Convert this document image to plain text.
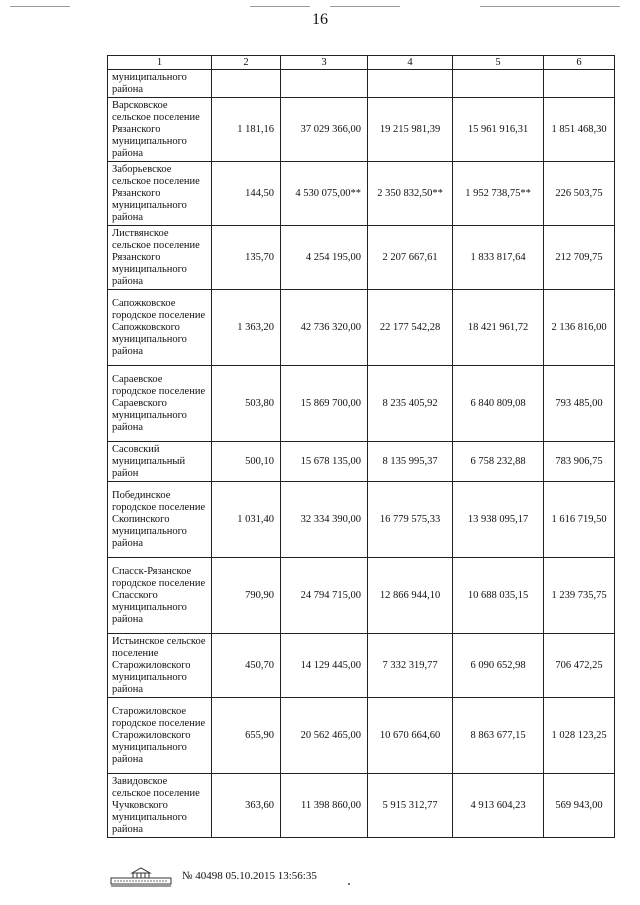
16
1	2	3	4	5	6
муниципального района					
Варсковское сельское поселение Рязанского муниципального района	1 181,16	37 029 366,00	19 215 981,39	15 961 916,31	1 851 468,30
Заборьевское сельское поселение Рязанского муниципального района	144,50	4 530 075,00**	2 350 832,50**	1 952 738,75**	226 503,75
Листвянское сельское поселение Рязанского муниципального района	135,70	4 254 195,00	2 207 667,61	1 833 817,64	212 709,75
Сапожковское городское поселение Сапожковского муниципального района	1 363,20	42 736 320,00	22 177 542,28	18 421 961,72	2 136 816,00
Сараевское городское поселение Сараевского муниципального района	503,80	15 869 700,00	8 235 405,92	6 840 809,08	793 485,00
Сасовский муниципальный район	500,10	15 678 135,00	8 135 995,37	6 758 232,88	783 906,75
Побединское городское поселение Скопинского муниципального района	1 031,40	32 334 390,00	16 779 575,33	13 938 095,17	1 616 719,50
Спасск-Рязанское городское поселение Спасского муниципального района	790,90	24 794 715,00	12 866 944,10	10 688 035,15	1 239 735,75
Истьинское сельское поселение Старожиловского муниципального района	450,70	14 129 445,00	7 332 319,77	6 090 652,98	706 472,25
Старожиловское городское поселение Старожиловского муниципального района	655,90	20 562 465,00	10 670 664,60	8 863 677,15	1 028 123,25
Завидовское сельское поселение Чучковского муниципального района	363,60	11 398 860,00	5 915 312,77	4 913 604,23	569 943,00
№ 40498 05.10.2015 13:56:35
